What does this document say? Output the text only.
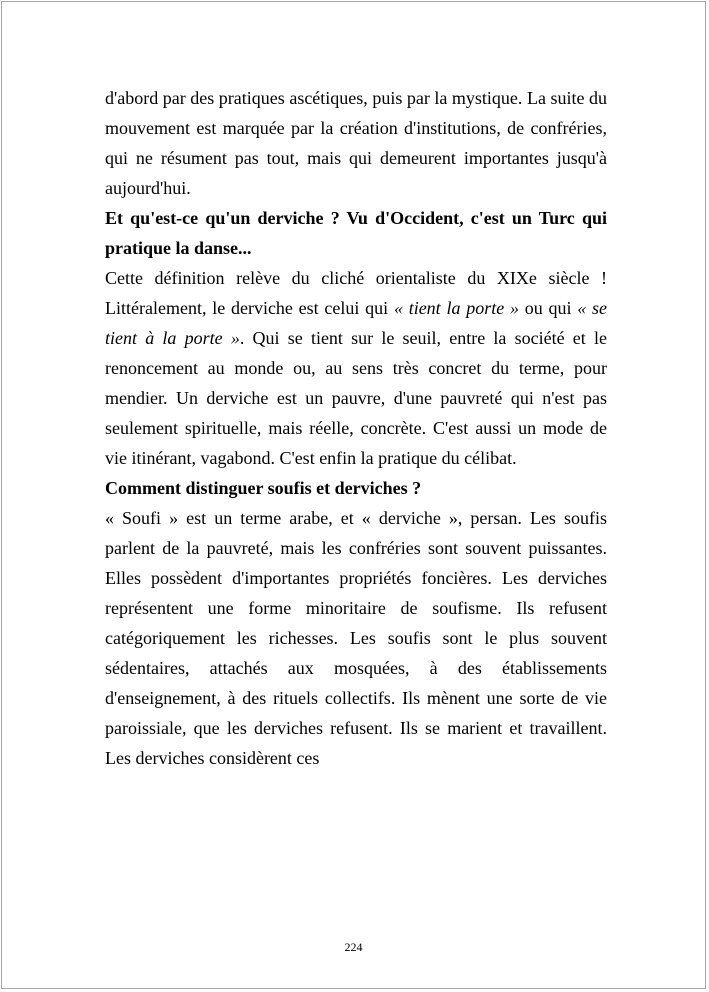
d'abord par des pratiques ascétiques, puis par la mystique. La suite du mouvement est marquée par la création d'institutions, de confréries, qui ne résument pas tout, mais qui demeurent importantes jusqu'à aujourd'hui.

Et qu'est-ce qu'un derviche ? Vu d'Occident, c'est un Turc qui pratique la danse...

Cette définition relève du cliché orientaliste du XIXe siècle ! Littéralement, le derviche est celui qui « tient la porte » ou qui « se tient à la porte ». Qui se tient sur le seuil, entre la société et le renoncement au monde ou, au sens très concret du terme, pour mendier. Un derviche est un pauvre, d'une pauvreté qui n'est pas seulement spirituelle, mais réelle, concrète. C'est aussi un mode de vie itinérant, vagabond. C'est enfin la pratique du célibat.

Comment distinguer soufis et derviches ?

« Soufi » est un terme arabe, et « derviche », persan. Les soufis parlent de la pauvreté, mais les confréries sont souvent puissantes. Elles possèdent d'importantes propriétés foncières. Les derviches représentent une forme minoritaire de soufisme. Ils refusent catégoriquement les richesses. Les soufis sont le plus souvent sédentaires, attachés aux mosquées, à des établissements d'enseignement, à des rituels collectifs. Ils mènent une sorte de vie paroissiale, que les derviches refusent. Ils se marient et travaillent. Les derviches considèrent ces

224
